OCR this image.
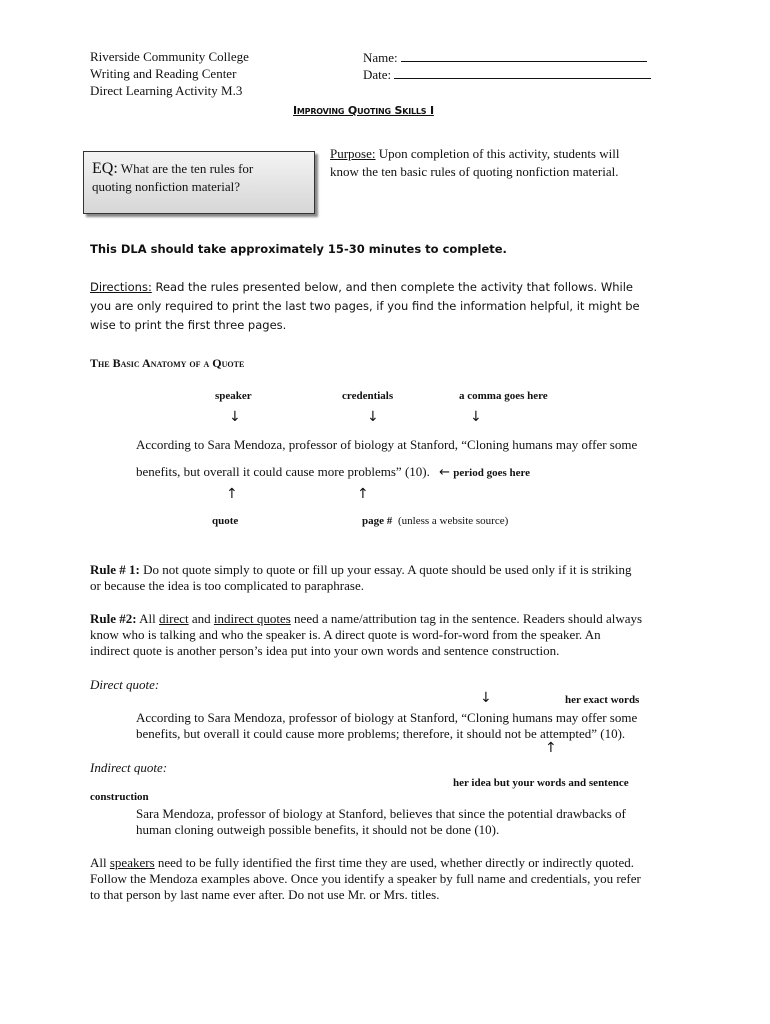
Riverside Community College
Writing and Reading Center
Direct Learning Activity M.3
Name:
Date:
Improving Quoting Skills I
EQ: What are the ten rules for
quoting nonfiction material?
Purpose: Upon completion of this activity, students will
know the ten basic rules of quoting nonfiction material.
This DLA should take approximately 15-30 minutes to complete.
Directions: Read the rules presented below, and then complete the activity that follows. While
you are only required to print the last two pages, if you find the information helpful, it might be
wise to print the first three pages.
The Basic Anatomy of a Quote
speaker	credentials	a comma goes here
↓	↓	↓
According to Sara Mendoza, professor of biology at Stanford, “Cloning humans may offer some
benefits, but overall it could cause more problems” (10). ← period goes here
↑	↑
quote	page # (unless a website source)
Rule # 1: Do not quote simply to quote or fill up your essay. A quote should be used only if it is striking
or because the idea is too complicated to paraphrase.
Rule #2: All direct and indirect quotes need a name/attribution tag in the sentence. Readers should always
know who is talking and who the speaker is. A direct quote is word-for-word from the speaker. An
indirect quote is another person’s idea put into your own words and sentence construction.
Direct quote:
↓	her exact words
According to Sara Mendoza, professor of biology at Stanford, “Cloning humans may offer some
benefits, but overall it could cause more problems; therefore, it should not be attempted” (10).
↑
Indirect quote:
her idea but your words and sentence
construction
Sara Mendoza, professor of biology at Stanford, believes that since the potential drawbacks of
human cloning outweigh possible benefits, it should not be done (10).
All speakers need to be fully identified the first time they are used, whether directly or indirectly quoted.
Follow the Mendoza examples above. Once you identify a speaker by full name and credentials, you refer
to that person by last name ever after. Do not use Mr. or Mrs. titles.
